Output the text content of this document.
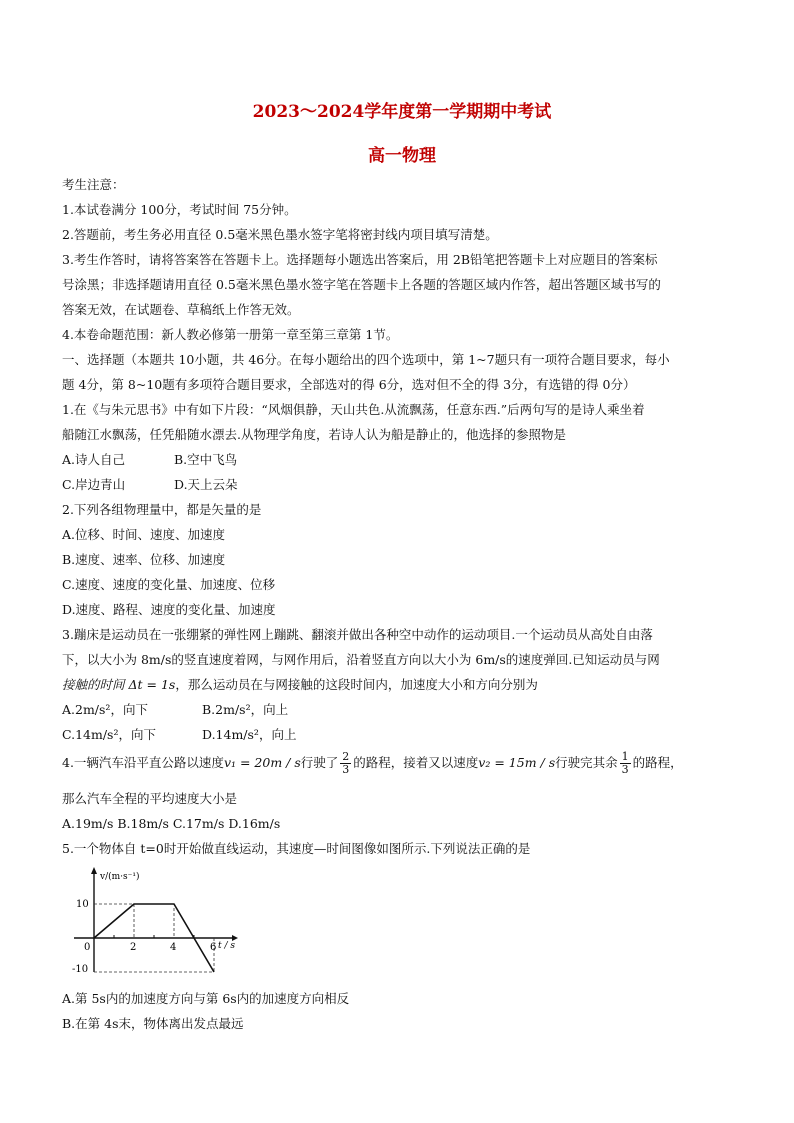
2023～2024学年度第一学期期中考试
高一物理
考生注意：
1.本试卷满分 100分，考试时间 75分钟。
2.答题前，考生务必用直径 0.5毫米黑色墨水签字笔将密封线内项目填写清楚。
3.考生作答时，请将答案答在答题卡上。选择题每小题选出答案后，用 2B铅笔把答题卡上对应题目的答案标
号涂黑；非选择题请用直径 0.5毫米黑色墨水签字笔在答题卡上各题的答题区域内作答，超出答题区域书写的
答案无效，在试题卷、草稿纸上作答无效。
4.本卷命题范围：新人教必修第一册第一章至第三章第 1节。
一、选择题（本题共 10小题，共 46分。在每小题给出的四个选项中，第 1~7题只有一项符合题目要求，每小
题 4分，第 8~10题有多项符合题目要求，全部选对的得 6分，选对但不全的得 3分，有选错的得 0分）
1.在《与朱元思书》中有如下片段：“风烟俱静，天山共色.从流飘荡，任意东西.”后两句写的是诗人乘坐着
船随江水飘荡，任凭船随水漂去.从物理学角度，若诗人认为船是静止的，他选择的参照物是
A.诗人自己	B.空中飞鸟
C.岸边青山	D.天上云朵
2.下列各组物理量中，都是矢量的是
A.位移、时间、速度、加速度
B.速度、速率、位移、加速度
C.速度、速度的变化量、加速度、位移
D.速度、路程、速度的变化量、加速度
3.蹦床是运动员在一张绷紧的弹性网上蹦跳、翻滚并做出各种空中动作的运动项目.一个运动员从高处自由落
下，以大小为 8m/s的竖直速度着网，与网作用后，沿着竖直方向以大小为 6m/s的速度弹回.已知运动员与网
接触的时间 Δt = 1s，那么运动员在与网接触的这段时间内，加速度大小和方向分别为
A.2m/s²，向下	B.2m/s²，向上
C.14m/s²，向下	D.14m/s²，向上
4.一辆汽车沿平直公路以速度v₁ = 20m / s行驶了 $\frac{2}{3}$ 的路程，接着又以速度v₂ = 15m / s行驶完其余 $\frac{1}{3}$ 的路程，
那么汽车全程的平均速度大小是
A.19m/s B.18m/s C.17m/s D.16m/s
5.一个物体自 t=0时开始做直线运动，其速度—时间图像如图所示.下列说法正确的是
v/(m·s⁻¹)
t / s
10
-10
0	2	4	6
A.第 5s内的加速度方向与第 6s内的加速度方向相反
B.在第 4s末，物体离出发点最远
